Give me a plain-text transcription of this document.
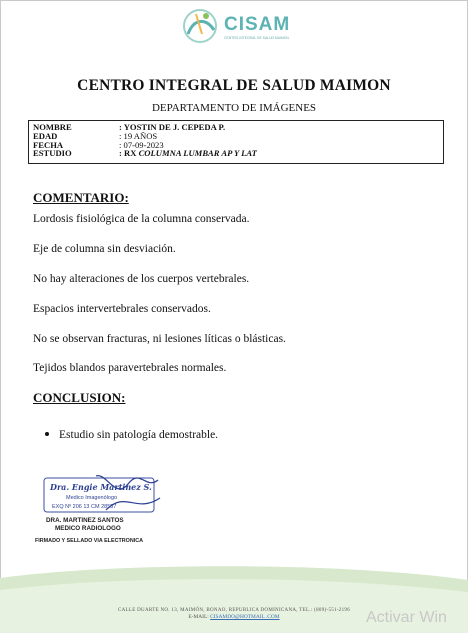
CISAM
CENTRO INTEGRAL DE SALUD MAIMON
CENTRO INTEGRAL DE SALUD MAIMON
DEPARTAMENTO DE IMÁGENES
NOMBRE	: YOSTIN DE J. CEPEDA P.
EDAD	: 19 AÑOS
FECHA	: 07-09-2023
ESTUDIO	: RX COLUMNA LUMBAR AP Y LAT
COMENTARIO:
Lordosis fisiológica de la columna conservada.
Eje de columna sin desviación.
No hay alteraciones de los cuerpos vertebrales.
Espacios intervertebrales conservados.
No se observan fracturas, ni lesiones líticas o blásticas.
Tejidos blandos paravertebrales normales.
CONCLUSION:
Estudio sin patología demostrable.
Dra. Engie Martinez S.
Medico Imagenólogo
EXQ Nº 206 13 CM 28557
DRA. MARTINEZ SANTOS
MEDICO RADIOLOGO
FIRMADO Y SELLADO VIA ELECTRONICA
CALLE DUARTE NO. 13, MAIMÓN, BONAO, REPUBLICA DOMINICANA, TEL.: (809)-551-2196
E-MAIL: CISAMDO@HOTMAIL .COM	Activar Win
